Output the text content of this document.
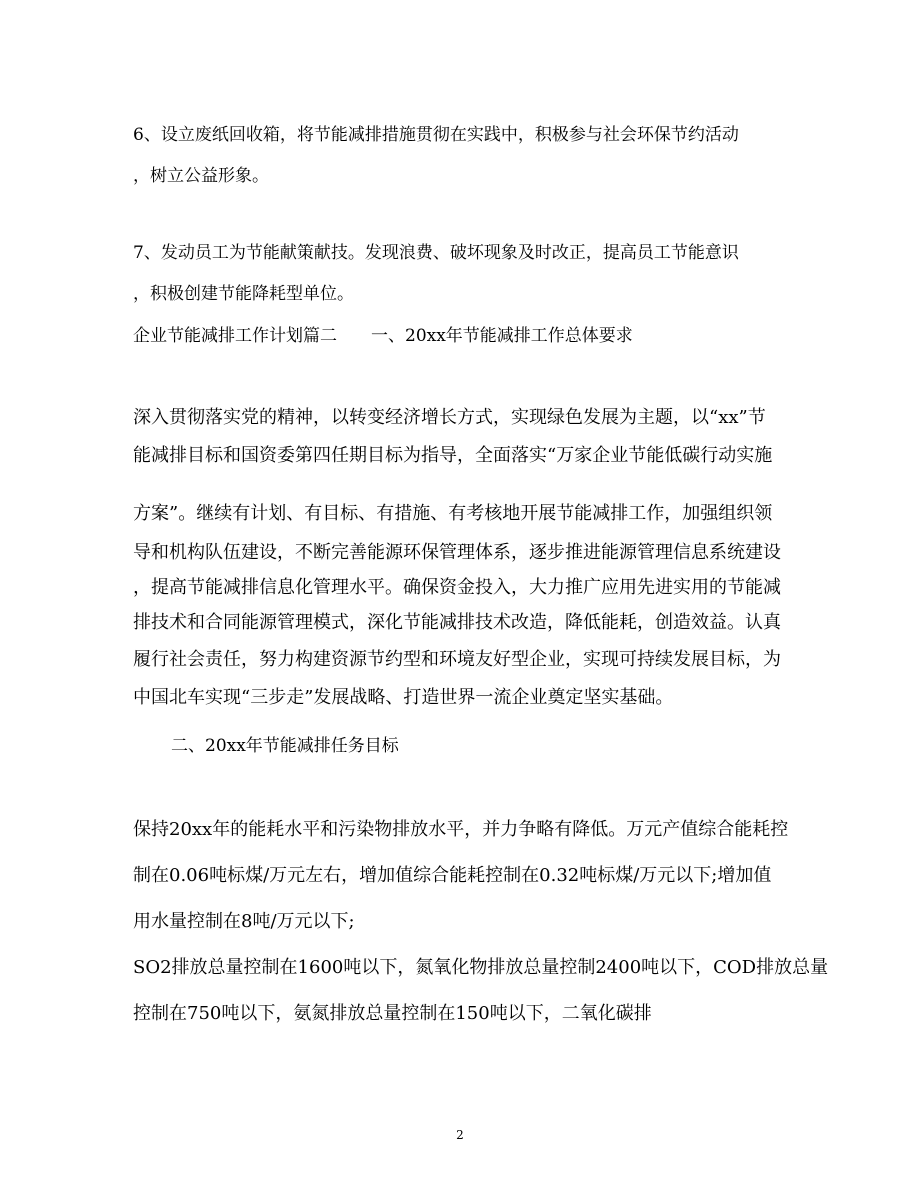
6、设立废纸回收箱，将节能减排措施贯彻在实践中，积极参与社会环保节约活动

，树立公益形象。

7、发动员工为节能献策献技。发现浪费、破坏现象及时改正，提高员工节能意识

，积极创建节能降耗型单位。

企业节能减排工作计划篇二　　一、20xx年节能减排工作总体要求

深入贯彻落实党的精神，以转变经济增长方式，实现绿色发展为主题，以“xx”节

能减排目标和国资委第四任期目标为指导，全面落实“万家企业节能低碳行动实施

方案”。继续有计划、有目标、有措施、有考核地开展节能减排工作，加强组织领

导和机构队伍建设，不断完善能源环保管理体系，逐步推进能源管理信息系统建设

，提高节能减排信息化管理水平。确保资金投入，大力推广应用先进实用的节能减

排技术和合同能源管理模式，深化节能减排技术改造，降低能耗，创造效益。认真

履行社会责任，努力构建资源节约型和环境友好型企业，实现可持续发展目标，为

中国北车实现“三步走”发展战略、打造世界一流企业奠定坚实基础。

二、20xx年节能减排任务目标

保持20xx年的能耗水平和污染物排放水平，并力争略有降低。万元产值综合能耗控

制在0.06吨标煤/万元左右，增加值综合能耗控制在0.32吨标煤/万元以下;增加值

用水量控制在8吨/万元以下;

SO2排放总量控制在1600吨以下，氮氧化物排放总量控制2400吨以下，COD排放总量

控制在750吨以下，氨氮排放总量控制在150吨以下，二氧化碳排

2
